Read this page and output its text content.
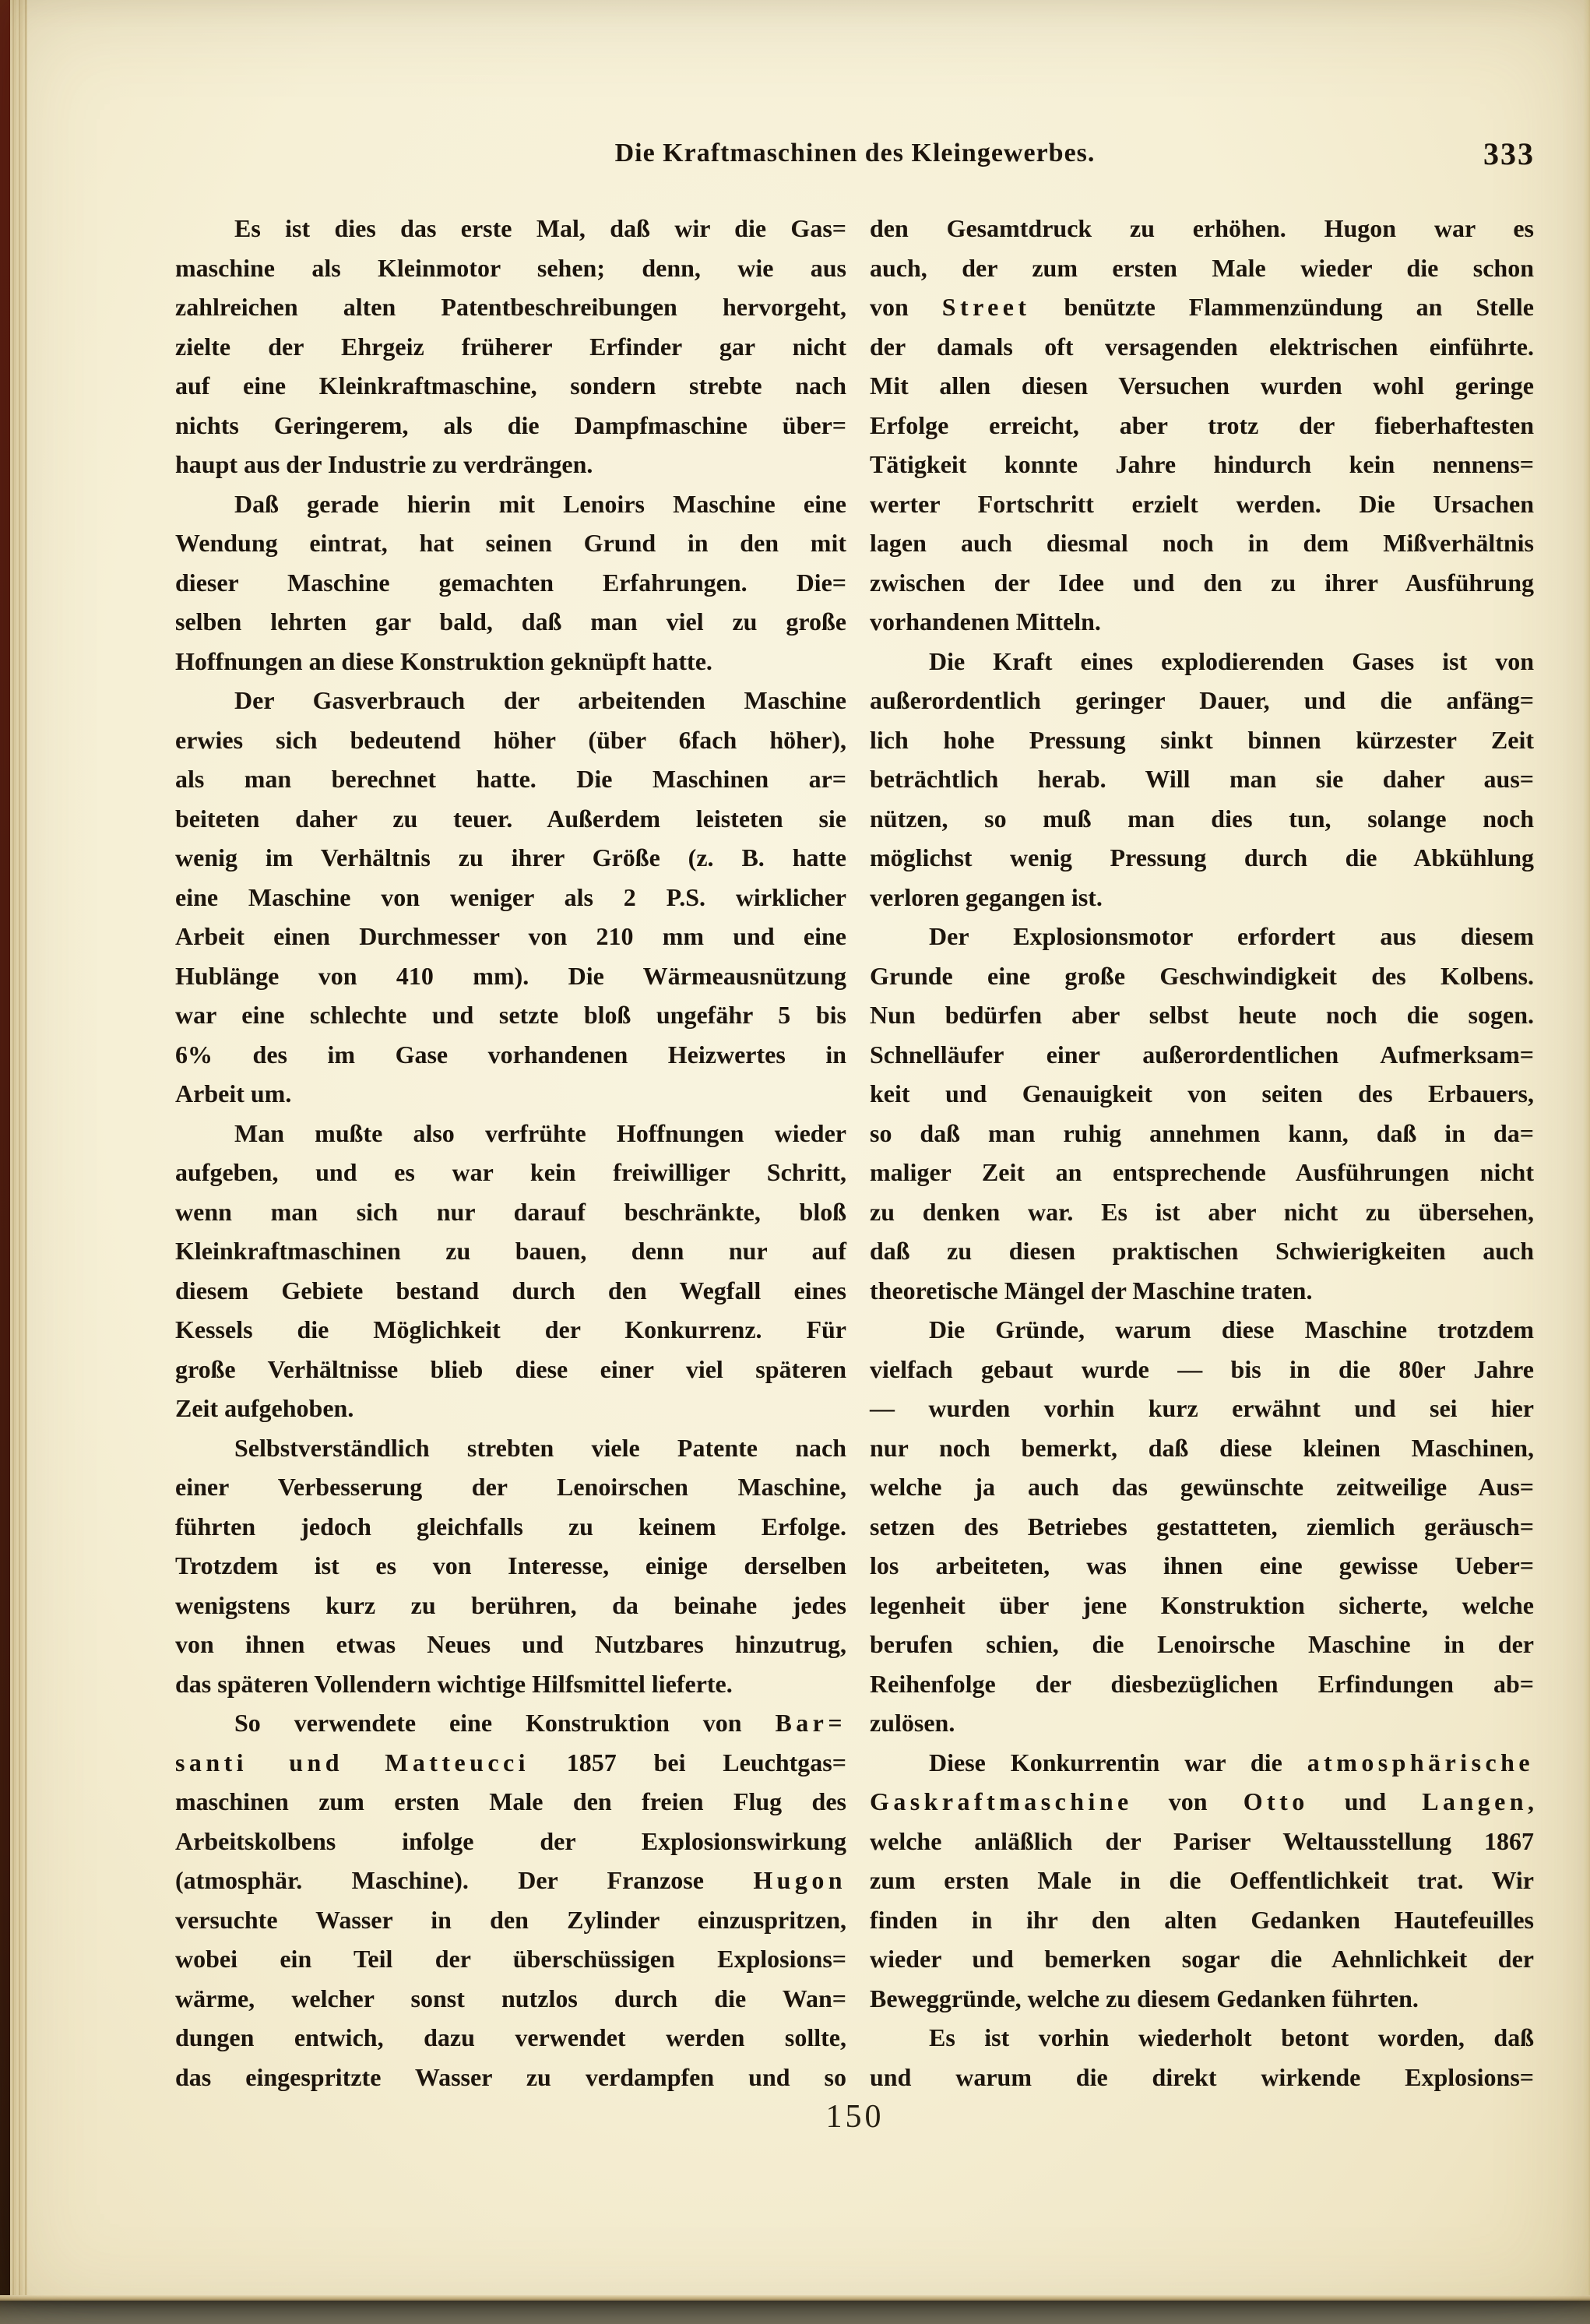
Die Kraftmaschinen des Kleingewerbes.	333
Es ist dies das erste Mal, daß wir die Gas=
maschine als Kleinmotor sehen; denn, wie aus
zahlreichen alten Patentbeschreibungen hervorgeht,
zielte der Ehrgeiz früherer Erfinder gar nicht
auf eine Kleinkraftmaschine, sondern strebte nach
nichts Geringerem, als die Dampfmaschine über=
haupt aus der Industrie zu verdrängen.
Daß gerade hierin mit Lenoirs Maschine eine
Wendung eintrat, hat seinen Grund in den mit
dieser Maschine gemachten Erfahrungen. Die=
selben lehrten gar bald, daß man viel zu große
Hoffnungen an diese Konstruktion geknüpft hatte.
Der Gasverbrauch der arbeitenden Maschine
erwies sich bedeutend höher (über 6fach höher),
als man berechnet hatte. Die Maschinen ar=
beiteten daher zu teuer. Außerdem leisteten sie
wenig im Verhältnis zu ihrer Größe (z. B. hatte
eine Maschine von weniger als 2 P.S. wirklicher
Arbeit einen Durchmesser von 210 mm und eine
Hublänge von 410 mm). Die Wärmeausnützung
war eine schlechte und setzte bloß ungefähr 5 bis
6% des im Gase vorhandenen Heizwertes in
Arbeit um.
Man mußte also verfrühte Hoffnungen wieder
aufgeben, und es war kein freiwilliger Schritt,
wenn man sich nur darauf beschränkte, bloß
Kleinkraftmaschinen zu bauen, denn nur auf
diesem Gebiete bestand durch den Wegfall eines
Kessels die Möglichkeit der Konkurrenz. Für
große Verhältnisse blieb diese einer viel späteren
Zeit aufgehoben.
Selbstverständlich strebten viele Patente nach
einer Verbesserung der Lenoirschen Maschine,
führten jedoch gleichfalls zu keinem Erfolge.
Trotzdem ist es von Interesse, einige derselben
wenigstens kurz zu berühren, da beinahe jedes
von ihnen etwas Neues und Nutzbares hinzutrug,
das späteren Vollendern wichtige Hilfsmittel lieferte.
So verwendete eine Konstruktion von Bar=
santi und Matteucci 1857 bei Leuchtgas=
maschinen zum ersten Male den freien Flug des
Arbeitskolbens infolge der Explosionswirkung
(atmosphär. Maschine). Der Franzose Hugon
versuchte Wasser in den Zylinder einzuspritzen,
wobei ein Teil der überschüssigen Explosions=
wärme, welcher sonst nutzlos durch die Wan=
dungen entwich, dazu verwendet werden sollte,
das eingespritzte Wasser zu verdampfen und so
den Gesamtdruck zu erhöhen. Hugon war es
auch, der zum ersten Male wieder die schon
von Street benützte Flammenzündung an Stelle
der damals oft versagenden elektrischen einführte.
Mit allen diesen Versuchen wurden wohl geringe
Erfolge erreicht, aber trotz der fieberhaftesten
Tätigkeit konnte Jahre hindurch kein nennens=
werter Fortschritt erzielt werden. Die Ursachen
lagen auch diesmal noch in dem Mißverhältnis
zwischen der Idee und den zu ihrer Ausführung
vorhandenen Mitteln.
Die Kraft eines explodierenden Gases ist von
außerordentlich geringer Dauer, und die anfäng=
lich hohe Pressung sinkt binnen kürzester Zeit
beträchtlich herab. Will man sie daher aus=
nützen, so muß man dies tun, solange noch
möglichst wenig Pressung durch die Abkühlung
verloren gegangen ist.
Der Explosionsmotor erfordert aus diesem
Grunde eine große Geschwindigkeit des Kolbens.
Nun bedürfen aber selbst heute noch die sogen.
Schnelläufer einer außerordentlichen Aufmerksam=
keit und Genauigkeit von seiten des Erbauers,
so daß man ruhig annehmen kann, daß in da=
maliger Zeit an entsprechende Ausführungen nicht
zu denken war. Es ist aber nicht zu übersehen,
daß zu diesen praktischen Schwierigkeiten auch
theoretische Mängel der Maschine traten.
Die Gründe, warum diese Maschine trotzdem
vielfach gebaut wurde — bis in die 80er Jahre
— wurden vorhin kurz erwähnt und sei hier
nur noch bemerkt, daß diese kleinen Maschinen,
welche ja auch das gewünschte zeitweilige Aus=
setzen des Betriebes gestatteten, ziemlich geräusch=
los arbeiteten, was ihnen eine gewisse Ueber=
legenheit über jene Konstruktion sicherte, welche
berufen schien, die Lenoirsche Maschine in der
Reihenfolge der diesbezüglichen Erfindungen ab=
zulösen.
Diese Konkurrentin war die atmosphärische
Gaskraftmaschine von Otto und Langen,
welche anläßlich der Pariser Weltausstellung 1867
zum ersten Male in die Oeffentlichkeit trat. Wir
finden in ihr den alten Gedanken Hautefeuilles
wieder und bemerken sogar die Aehnlichkeit der
Beweggründe, welche zu diesem Gedanken führten.
Es ist vorhin wiederholt betont worden, daß
und warum die direkt wirkende Explosions=
150
